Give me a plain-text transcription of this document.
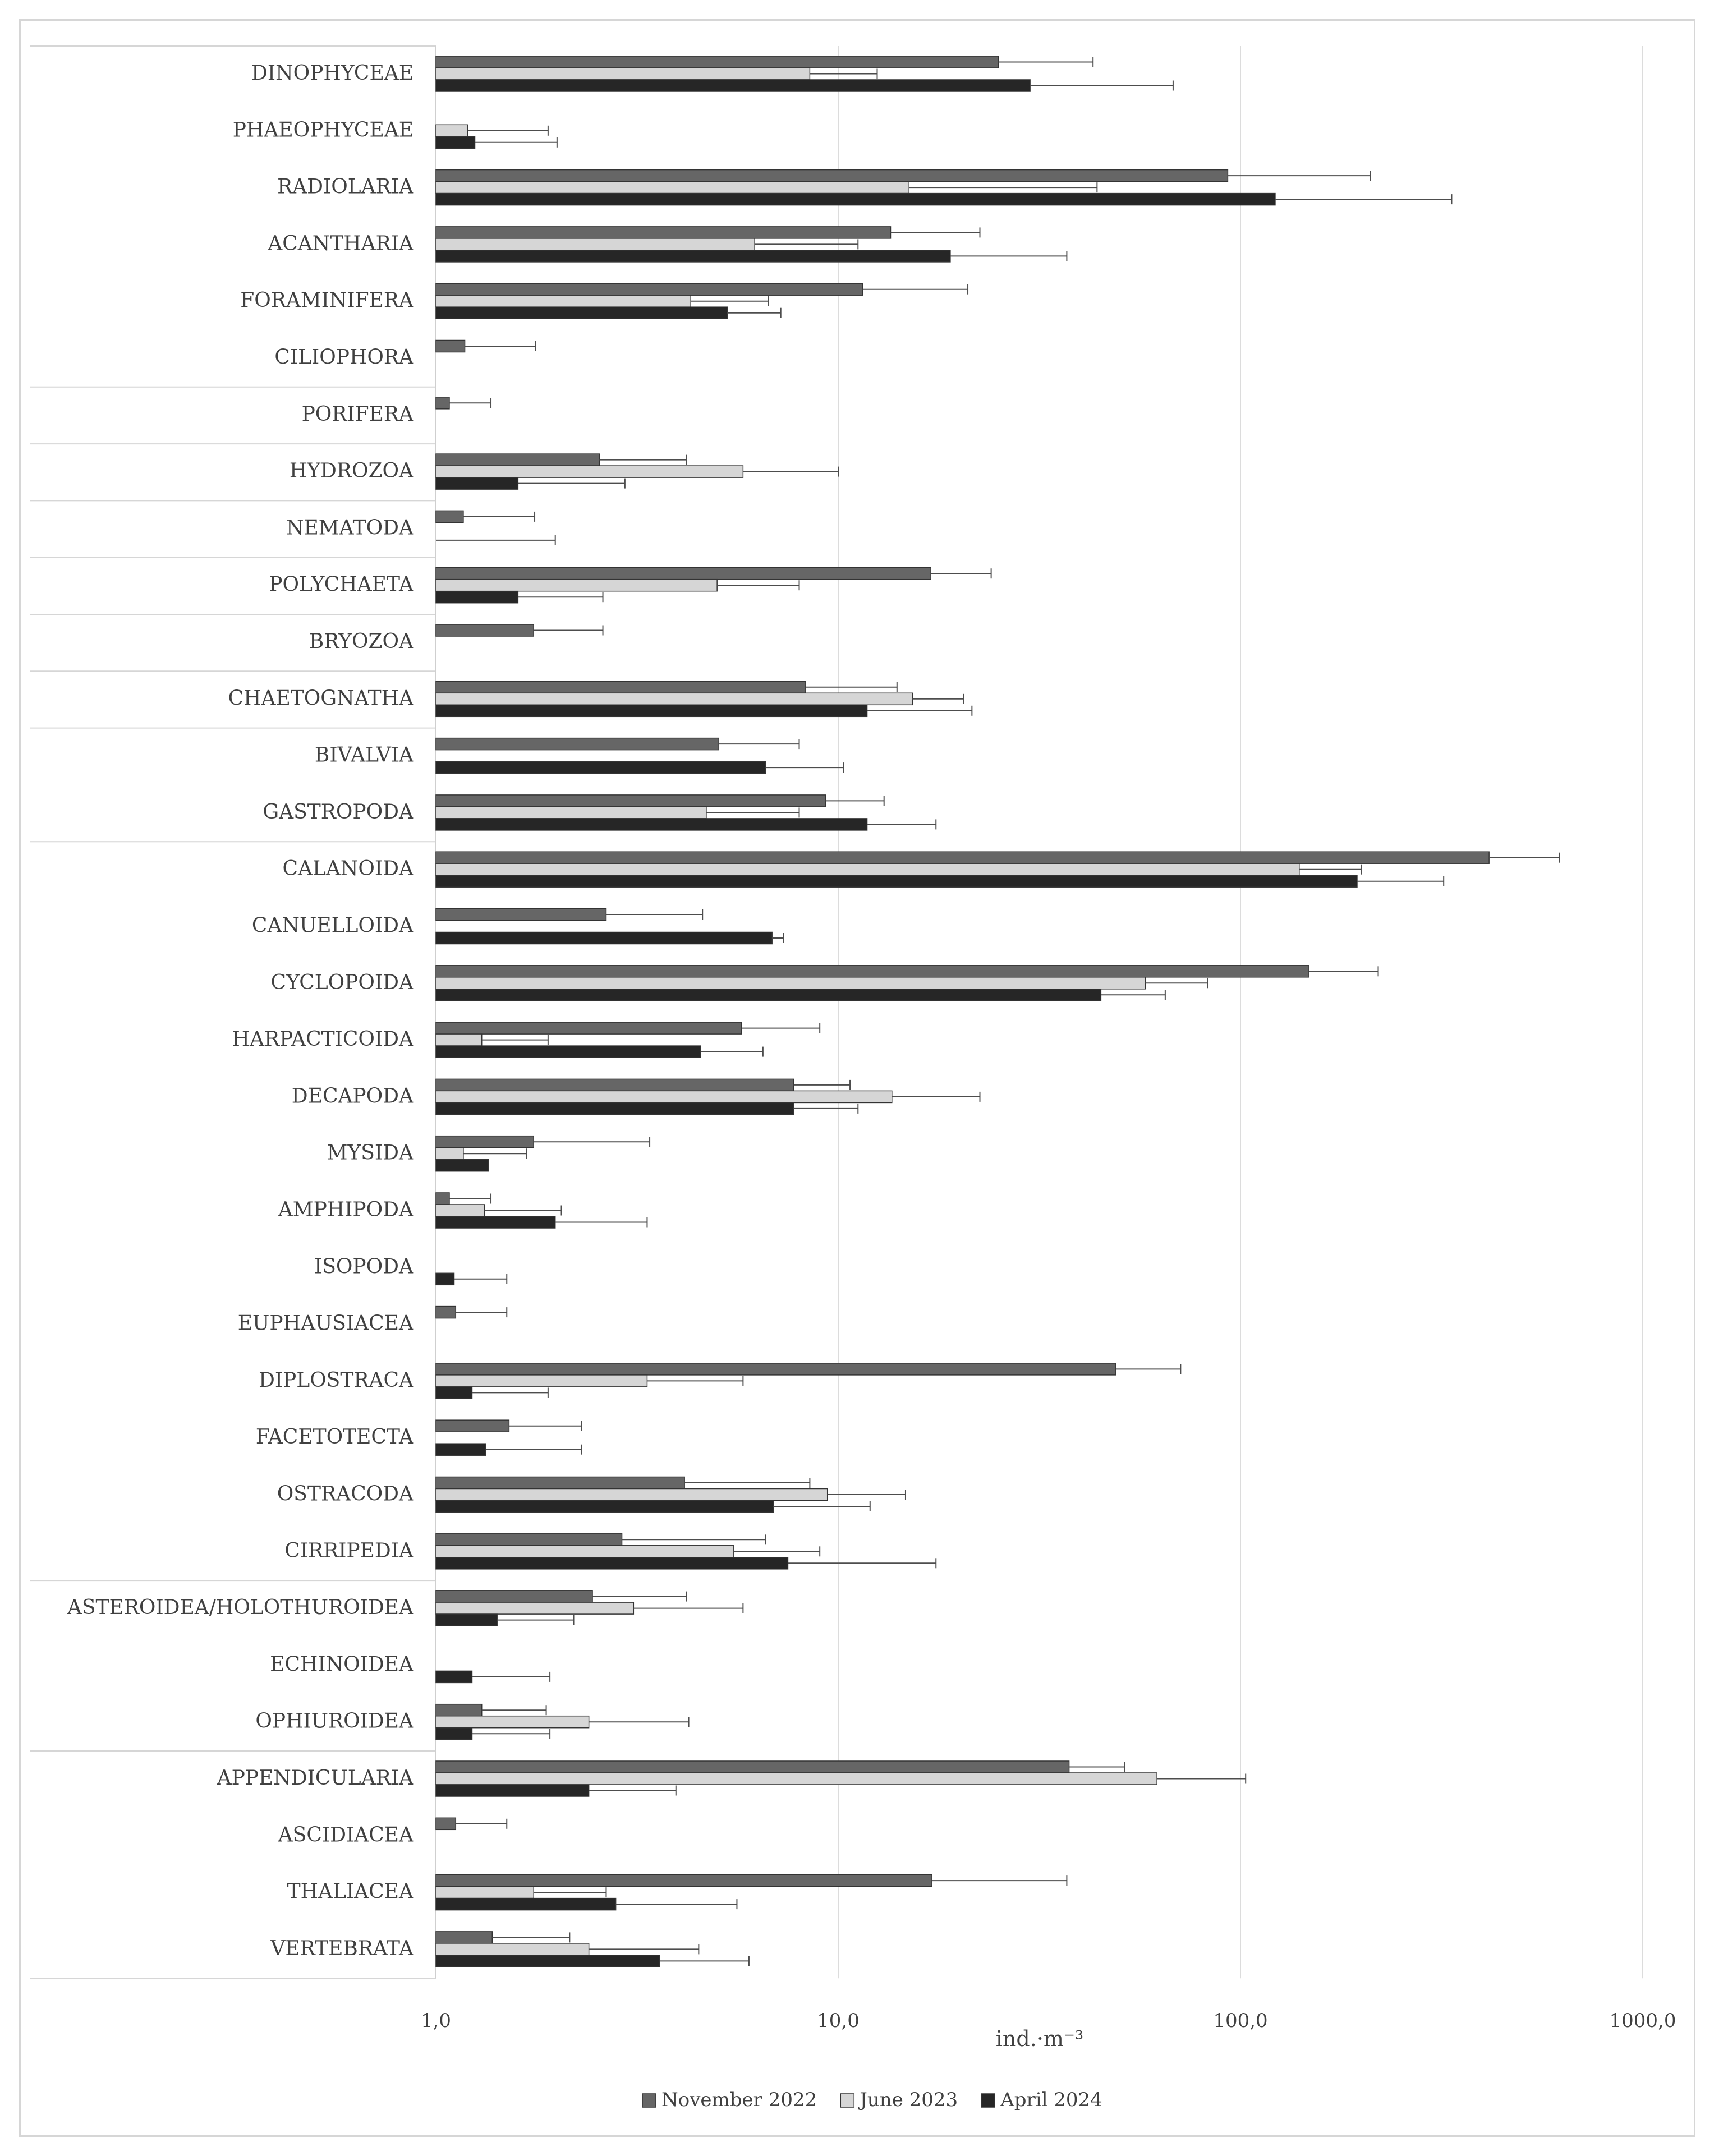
DINOPHYCEAE
PHAEOPHYCEAE
RADIOLARIA
ACANTHARIA
FORAMINIFERA
CILIOPHORA
PORIFERA
HYDROZOA
NEMATODA
POLYCHAETA
BRYOZOA
CHAETOGNATHA
BIVALVIA
GASTROPODA
CALANOIDA
CANUELLOIDA
CYCLOPOIDA
HARPACTICOIDA
DECAPODA
MYSIDA
AMPHIPODA
ISOPODA
EUPHAUSIACEA
DIPLOSTRACA
FACETOTECTA
OSTRACODA
CIRRIPEDIA
ASTEROIDEA/HOLOTHUROIDEA
ECHINOIDEA
OPHIUROIDEA
APPENDICULARIA
ASCIDIACEA
THALIACEA
VERTEBRATA
1,0	10,0	100,0	1000,0
ind.·m⁻³
November 2022 June 2023 April 2024
